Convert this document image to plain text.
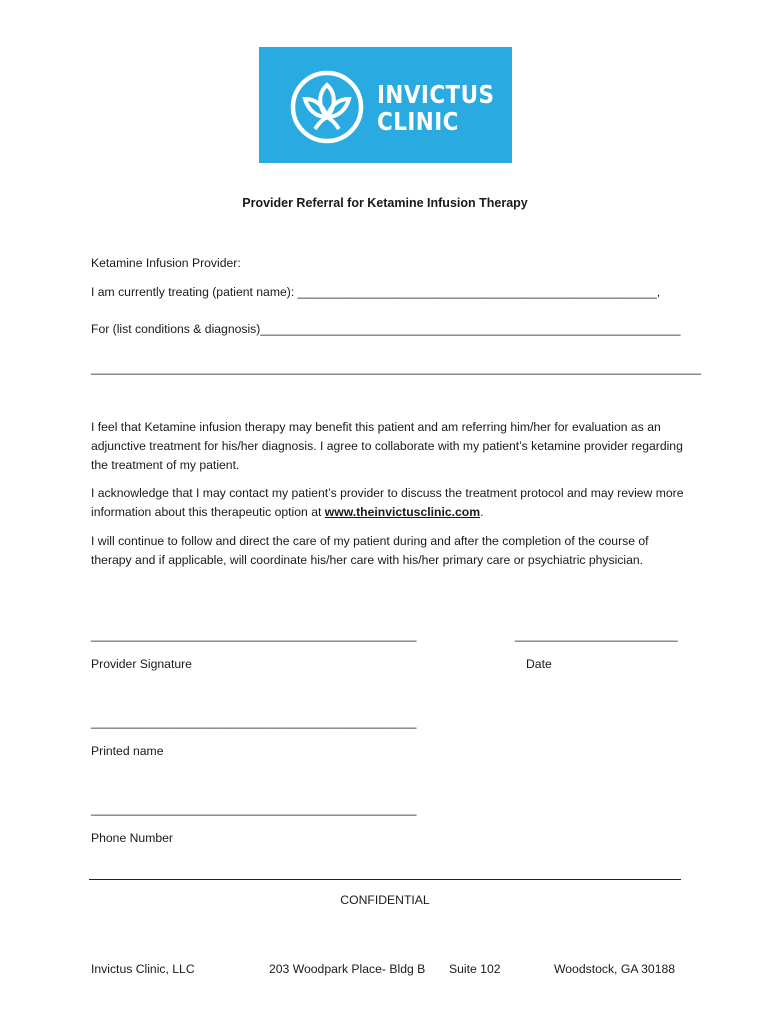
INVICTUS
CLINIC
Provider Referral for Ketamine Infusion Therapy
Ketamine Infusion Provider:
I am currently treating (patient name): _____________________________________________________,
For (list conditions & diagnosis)______________________________________________________________
__________________________________________________________________________________________
I feel that Ketamine infusion therapy may benefit this patient and am referring him/her for evaluation as an adjunctive treatment for his/her diagnosis. I agree to collaborate with my patient’s ketamine provider regarding the treatment of my patient.
I acknowledge that I may contact my patient’s provider to discuss the treatment protocol and may review more information about this therapeutic option at www.theinvictusclinic.com.
I will continue to follow and direct the care of my patient during and after the completion of the course of therapy and if applicable, will coordinate his/her care with his/her primary care or psychiatric physician.
________________________________________________	________________________
Provider Signature	Date
________________________________________________
Printed name
________________________________________________
Phone Number
CONFIDENTIAL
Invictus Clinic, LLC	203 Woodpark Place- Bldg B Suite 102	Woodstock, GA 30188
